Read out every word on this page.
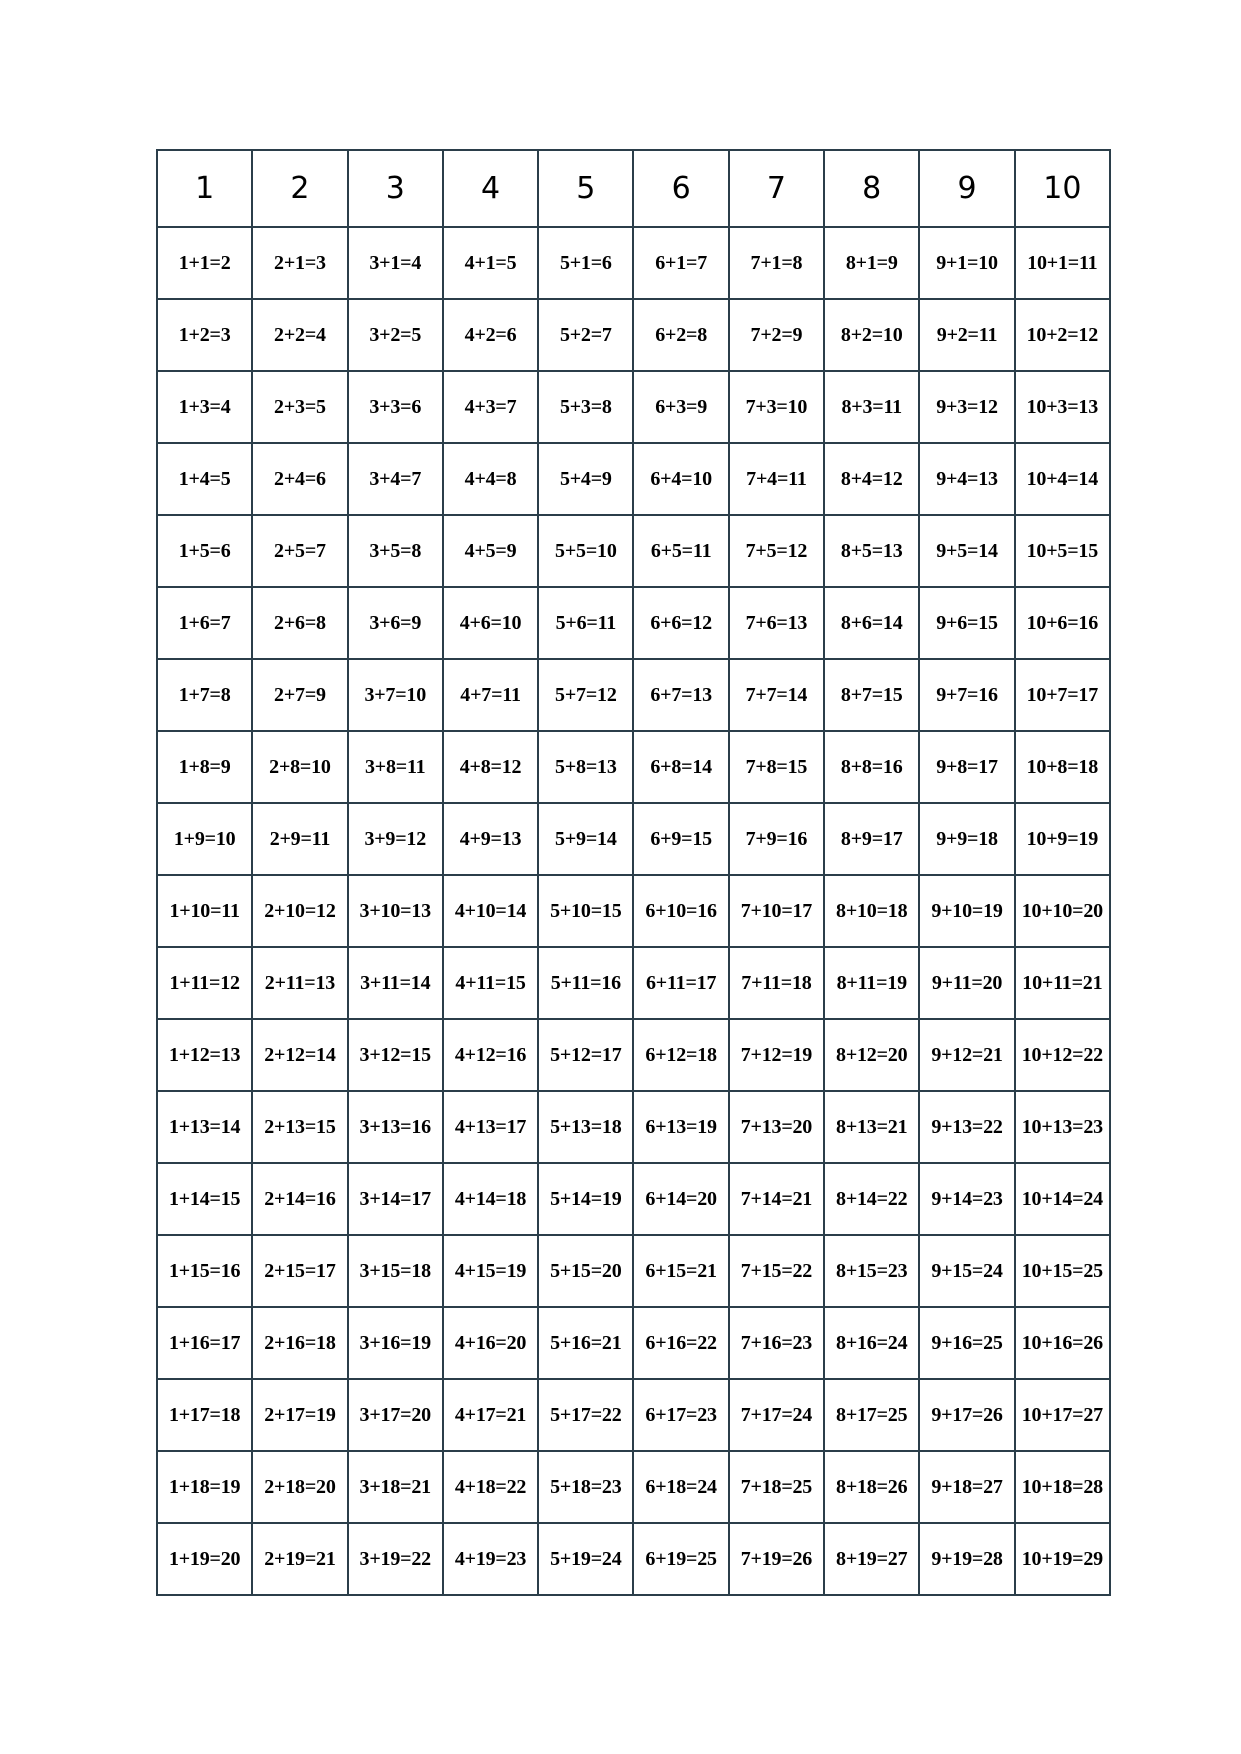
1	2	3	4	5	6	7	8	9	10
1+1=2	2+1=3	3+1=4	4+1=5	5+1=6	6+1=7	7+1=8	8+1=9	9+1=10	10+1=11
1+2=3	2+2=4	3+2=5	4+2=6	5+2=7	6+2=8	7+2=9	8+2=10	9+2=11	10+2=12
1+3=4	2+3=5	3+3=6	4+3=7	5+3=8	6+3=9	7+3=10	8+3=11	9+3=12	10+3=13
1+4=5	2+4=6	3+4=7	4+4=8	5+4=9	6+4=10	7+4=11	8+4=12	9+4=13	10+4=14
1+5=6	2+5=7	3+5=8	4+5=9	5+5=10	6+5=11	7+5=12	8+5=13	9+5=14	10+5=15
1+6=7	2+6=8	3+6=9	4+6=10	5+6=11	6+6=12	7+6=13	8+6=14	9+6=15	10+6=16
1+7=8	2+7=9	3+7=10	4+7=11	5+7=12	6+7=13	7+7=14	8+7=15	9+7=16	10+7=17
1+8=9	2+8=10	3+8=11	4+8=12	5+8=13	6+8=14	7+8=15	8+8=16	9+8=17	10+8=18
1+9=10	2+9=11	3+9=12	4+9=13	5+9=14	6+9=15	7+9=16	8+9=17	9+9=18	10+9=19
1+10=11	2+10=12	3+10=13	4+10=14	5+10=15	6+10=16	7+10=17	8+10=18	9+10=19	10+10=20
1+11=12	2+11=13	3+11=14	4+11=15	5+11=16	6+11=17	7+11=18	8+11=19	9+11=20	10+11=21
1+12=13	2+12=14	3+12=15	4+12=16	5+12=17	6+12=18	7+12=19	8+12=20	9+12=21	10+12=22
1+13=14	2+13=15	3+13=16	4+13=17	5+13=18	6+13=19	7+13=20	8+13=21	9+13=22	10+13=23
1+14=15	2+14=16	3+14=17	4+14=18	5+14=19	6+14=20	7+14=21	8+14=22	9+14=23	10+14=24
1+15=16	2+15=17	3+15=18	4+15=19	5+15=20	6+15=21	7+15=22	8+15=23	9+15=24	10+15=25
1+16=17	2+16=18	3+16=19	4+16=20	5+16=21	6+16=22	7+16=23	8+16=24	9+16=25	10+16=26
1+17=18	2+17=19	3+17=20	4+17=21	5+17=22	6+17=23	7+17=24	8+17=25	9+17=26	10+17=27
1+18=19	2+18=20	3+18=21	4+18=22	5+18=23	6+18=24	7+18=25	8+18=26	9+18=27	10+18=28
1+19=20	2+19=21	3+19=22	4+19=23	5+19=24	6+19=25	7+19=26	8+19=27	9+19=28	10+19=29
